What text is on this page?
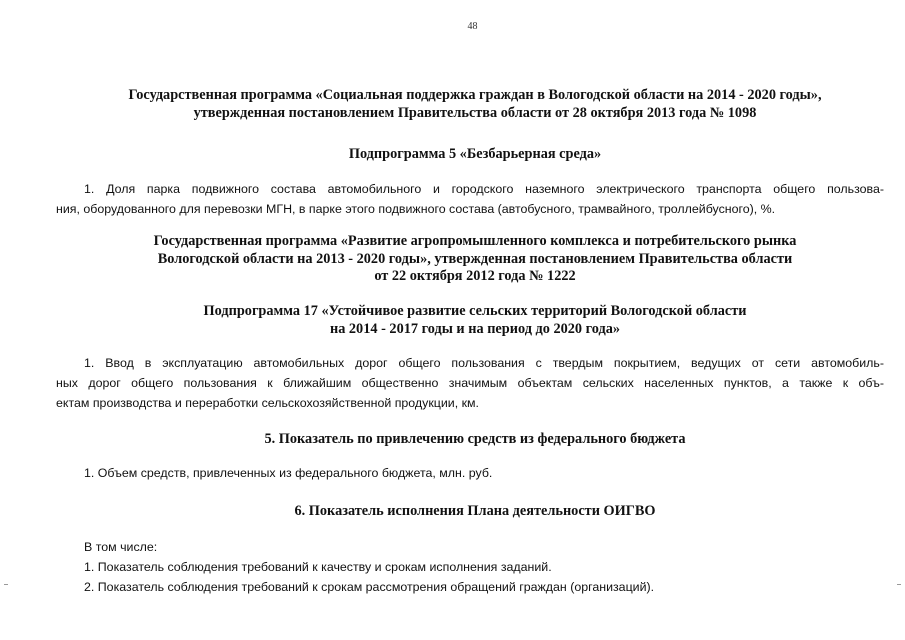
48

Государственная программа «Социальная поддержка граждан в Вологодской области на 2014 - 2020 годы»,
утвержденная постановлением Правительства области от 28 октября 2013 года № 1098

Подпрограмма 5 «Безбарьерная среда»

1. Доля парка подвижного состава автомобильного и городского наземного электрического транспорта общего пользова-
ния, оборудованного для перевозки МГН, в парке этого подвижного состава (автобусного, трамвайного, троллейбусного), %.

Государственная программа «Развитие агропромышленного комплекса и потребительского рынка
Вологодской области на 2013 - 2020 годы», утвержденная постановлением Правительства области
от 22 октября 2012 года № 1222

Подпрограмма 17 «Устойчивое развитие сельских территорий Вологодской области
на 2014 - 2017 годы и на период до 2020 года»

1. Ввод в эксплуатацию автомобильных дорог общего пользования с твердым покрытием, ведущих от сети автомобиль-
ных дорог общего пользования к ближайшим общественно значимым объектам сельских населенных пунктов, а также к объ-
ектам производства и переработки сельскохозяйственной продукции, км.

5. Показатель по привлечению средств из федерального бюджета

1. Объем средств, привлеченных из федерального бюджета, млн. руб.

6. Показатель исполнения Плана деятельности ОИГВО

В том числе:
1. Показатель соблюдения требований к качеству и срокам исполнения заданий.
2. Показатель соблюдения требований к срокам рассмотрения обращений граждан (организаций).
